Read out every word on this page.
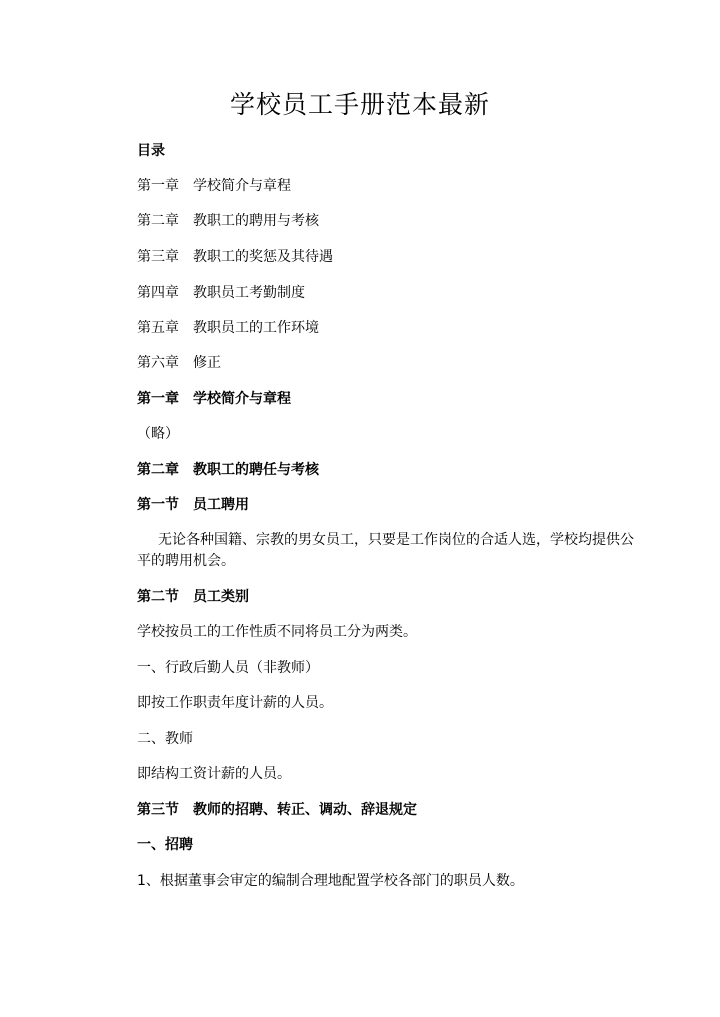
学校员工手册范本最新
目录
第一章 学校简介与章程
第二章 教职工的聘用与考核
第三章 教职工的奖惩及其待遇
第四章 教职员工考勤制度
第五章 教职员工的工作环境
第六章 修正
第一章 学校简介与章程
（略）
第二章 教职工的聘任与考核
第一节 员工聘用
无论各种国籍、宗教的男女员工，只要是工作岗位的合适人选，学校均提供公
平的聘用机会。
第二节 员工类别
学校按员工的工作性质不同将员工分为两类。
一、行政后勤人员（非教师）
即按工作职责年度计薪的人员。
二、教师
即结构工资计薪的人员。
第三节 教师的招聘、转正、调动、辞退规定
一、招聘
1、根据董事会审定的编制合理地配置学校各部门的职员人数。
